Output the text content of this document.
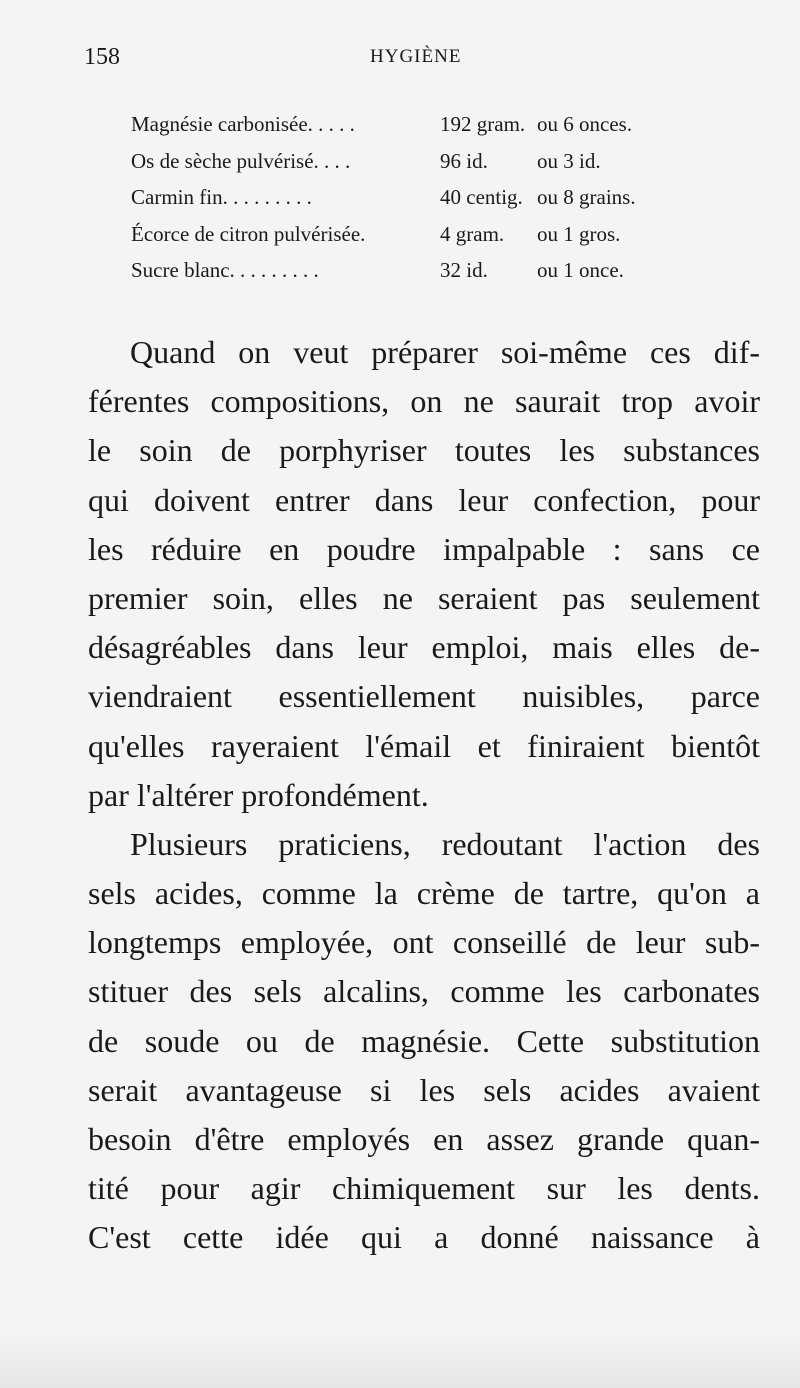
158	HYGIÈNE
Magnésie carbonisée. . . . .	192 gram. ou 6 onces.
Os de sèche pulvérisé. . . .	96 id. ou 3 id.
Carmin fin. . . . . . . . .	40 centig. ou 8 grains.
Écorce de citron pulvérisée.	4 gram. ou 1 gros.
Sucre blanc. . . . . . . . .	32 id. ou 1 once.
Quand on veut préparer soi-même ces dif-
férentes compositions, on ne saurait trop avoir
le soin de porphyriser toutes les substances
qui doivent entrer dans leur confection, pour
les réduire en poudre impalpable : sans ce
premier soin, elles ne seraient pas seulement
désagréables dans leur emploi, mais elles de-
viendraient essentiellement nuisibles, parce
qu'elles rayeraient l'émail et finiraient bientôt
par l'altérer profondément.
Plusieurs praticiens, redoutant l'action des
sels acides, comme la crème de tartre, qu'on a
longtemps employée, ont conseillé de leur sub-
stituer des sels alcalins, comme les carbonates
de soude ou de magnésie. Cette substitution
serait avantageuse si les sels acides avaient
besoin d'être employés en assez grande quan-
tité pour agir chimiquement sur les dents.
C'est cette idée qui a donné naissance à
